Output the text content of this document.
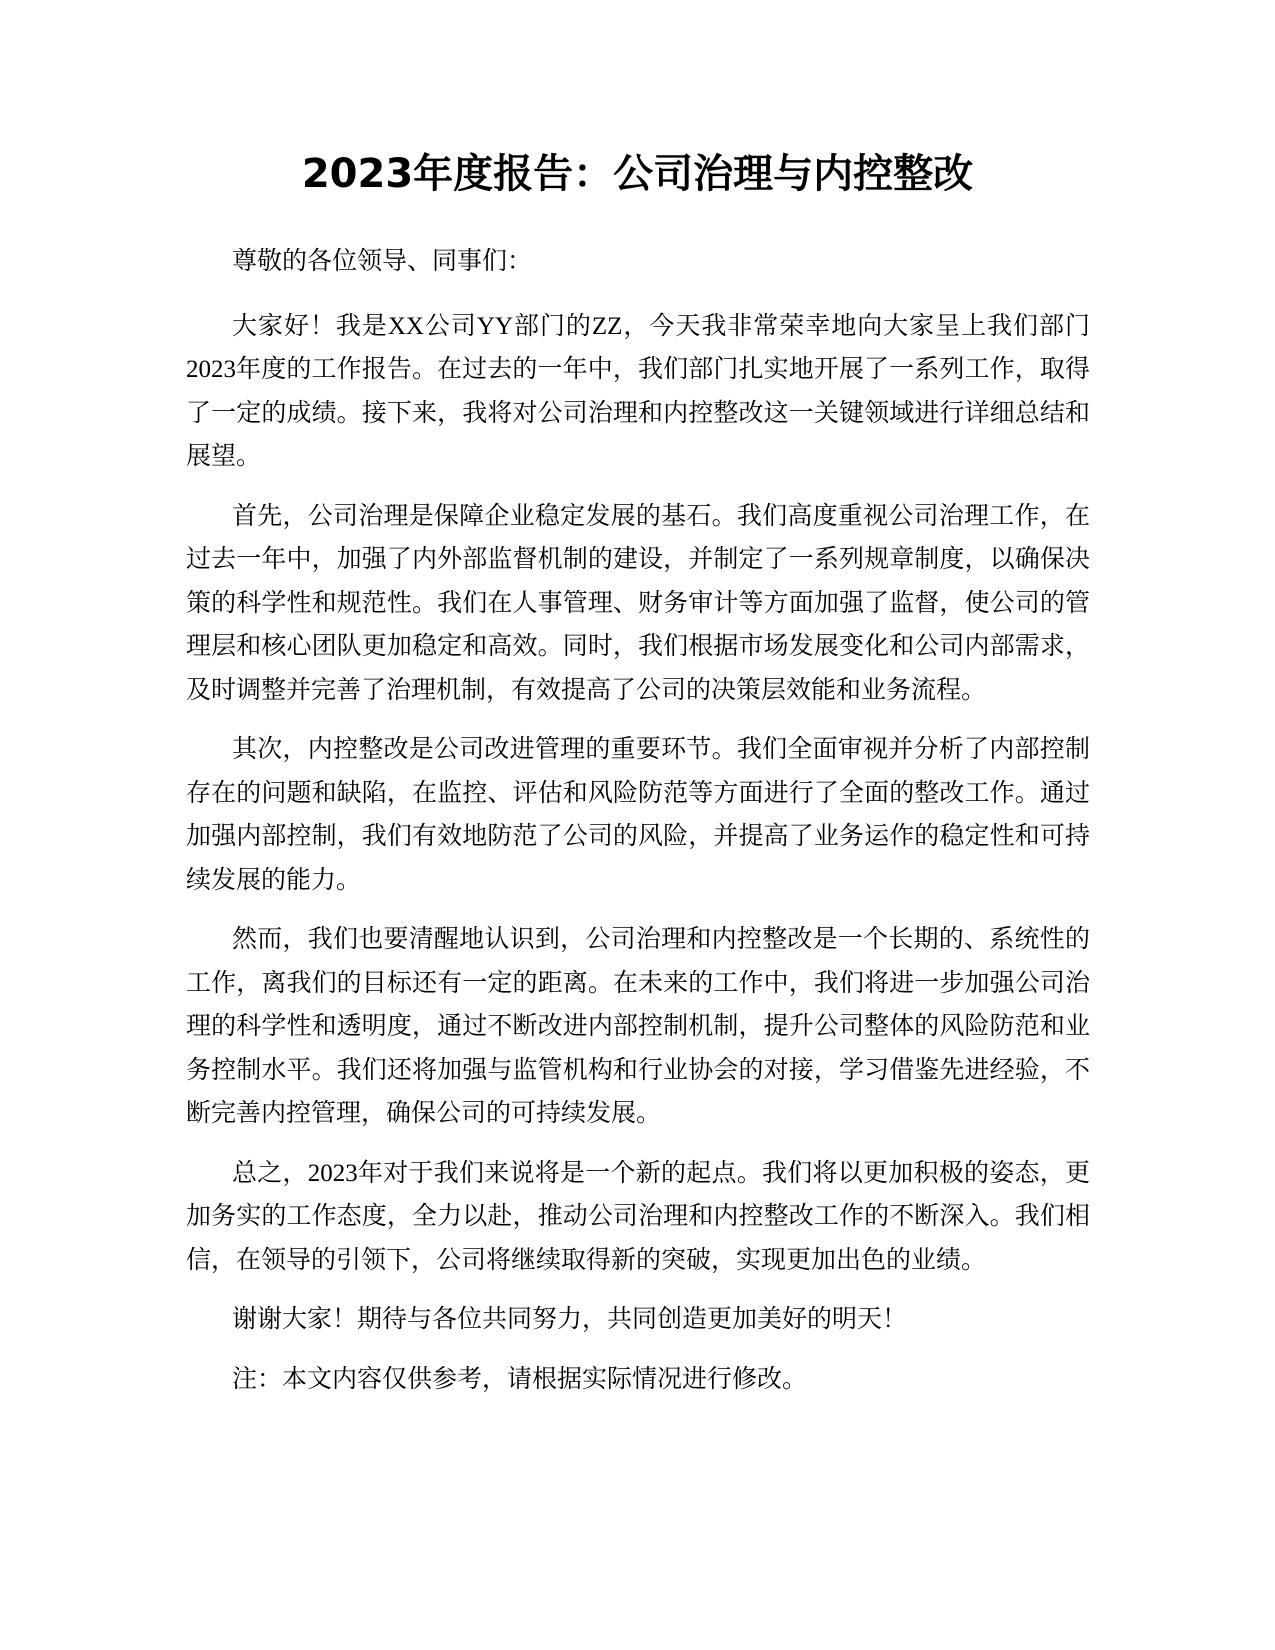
2023年度报告：公司治理与内控整改

尊敬的各位领导、同事们：

大家好！我是XX公司YY部门的ZZ，今天我非常荣幸地向大家呈上我们部门2023年度的工作报告。在过去的一年中，我们部门扎实地开展了一系列工作，取得了一定的成绩。接下来，我将对公司治理和内控整改这一关键领域进行详细总结和展望。

首先，公司治理是保障企业稳定发展的基石。我们高度重视公司治理工作，在过去一年中，加强了内外部监督机制的建设，并制定了一系列规章制度，以确保决策的科学性和规范性。我们在人事管理、财务审计等方面加强了监督，使公司的管理层和核心团队更加稳定和高效。同时，我们根据市场发展变化和公司内部需求，及时调整并完善了治理机制，有效提高了公司的决策层效能和业务流程。

其次，内控整改是公司改进管理的重要环节。我们全面审视并分析了内部控制存在的问题和缺陷，在监控、评估和风险防范等方面进行了全面的整改工作。通过加强内部控制，我们有效地防范了公司的风险，并提高了业务运作的稳定性和可持续发展的能力。

然而，我们也要清醒地认识到，公司治理和内控整改是一个长期的、系统性的工作，离我们的目标还有一定的距离。在未来的工作中，我们将进一步加强公司治理的科学性和透明度，通过不断改进内部控制机制，提升公司整体的风险防范和业务控制水平。我们还将加强与监管机构和行业协会的对接，学习借鉴先进经验，不断完善内控管理，确保公司的可持续发展。

总之，2023年对于我们来说将是一个新的起点。我们将以更加积极的姿态，更加务实的工作态度，全力以赴，推动公司治理和内控整改工作的不断深入。我们相信，在领导的引领下，公司将继续取得新的突破，实现更加出色的业绩。

谢谢大家！期待与各位共同努力，共同创造更加美好的明天！

注：本文内容仅供参考，请根据实际情况进行修改。
